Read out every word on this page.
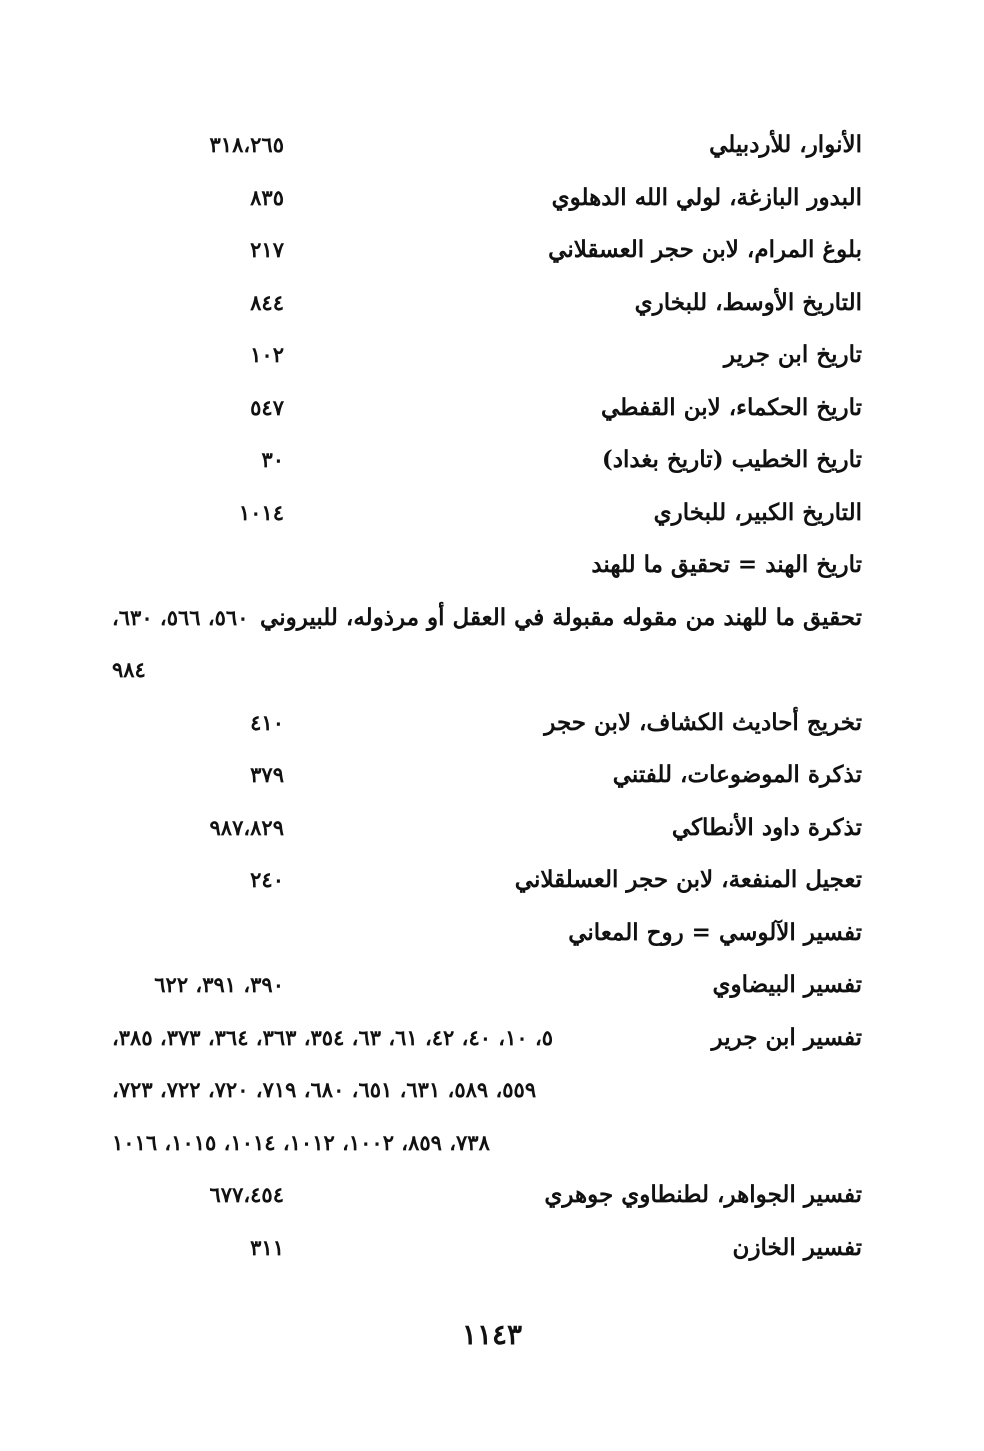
الأنوار، للأردبيلي
٣١٨،٢٦٥
البدور البازغة، لولي الله الدهلوي
٨٣٥
بلوغ المرام، لابن حجر العسقلاني
٢١٧
التاريخ الأوسط، للبخاري
٨٤٤
تاريخ ابن جرير
١٠٢
تاريخ الحكماء، لابن القفطي
٥٤٧
تاريخ الخطيب (تاريخ بغداد)
٣٠
التاريخ الكبير، للبخاري
١٠١٤
تاريخ الهند = تحقيق ما للهند
تحقيق ما للهند من مقوله مقبولة في العقل أو مرذوله، للبيروني
٥٦٠، ٥٦٦، ٦٣٠،
٩٨٤
تخريج أحاديث الكشاف، لابن حجر
٤١٠
تذكرة الموضوعات، للفتني
٣٧٩
تذكرة داود الأنطاكي
٩٨٧،٨٢٩
تعجيل المنفعة، لابن حجر العسلقلاني
٢٤٠
تفسير الآلوسي = روح المعاني
تفسير البيضاوي
٣٩٠، ٣٩١، ٦٢٢
تفسير ابن جرير
٥، ١٠، ٤٠، ٤٢، ٦١، ٦٣، ٣٥٤، ٣٦٣، ٣٦٤، ٣٧٣، ٣٨٥،
٥٥٩، ٥٨٩، ٦٣١، ٦٥١، ٦٨٠، ٧١٩، ٧٢٠، ٧٢٢، ٧٢٣،
٧٣٨، ٨٥٩، ١٠٠٢، ١٠١٢، ١٠١٤، ١٠١٥، ١٠١٦
تفسير الجواهر، لطنطاوي جوهري
٦٧٧،٤٥٤
تفسير الخازن
٣١١
١١٤٣
